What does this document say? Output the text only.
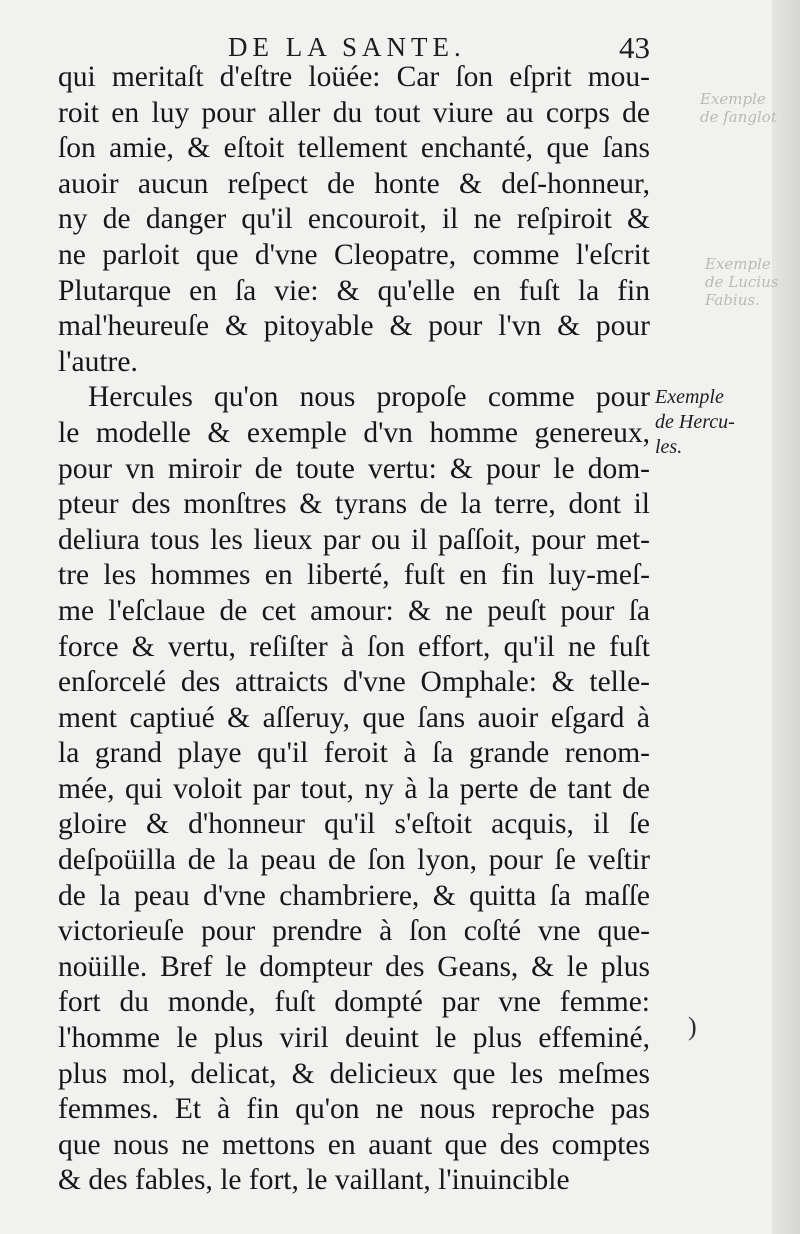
Exemple
de ſanglot
Exemple
de Lucius
Fabius.
DE LA SANTE.	43
qui meritaſt d'eſtre loüée: Car ſon eſprit mou-
roit en luy pour aller du tout viure au corps de
ſon amie, & eſtoit tellement enchanté, que ſans
auoir aucun reſpect de honte & deſ-honneur,
ny de danger qu'il encouroit, il ne reſpiroit &
ne parloit que d'vne Cleopatre, comme l'eſcrit
Plutarque en ſa vie: & qu'elle en fuſt la fin
mal'heureuſe & pitoyable & pour l'vn & pour
l'autre.
Hercules qu'on nous propoſe comme pour
le modelle & exemple d'vn homme genereux,
pour vn miroir de toute vertu: & pour le dom-
pteur des monſtres & tyrans de la terre, dont il
deliura tous les lieux par ou il paſſoit, pour met-
tre les hommes en liberté, fuſt en fin luy-meſ-
me l'eſclaue de cet amour: & ne peuſt pour ſa
force & vertu, reſiſter à ſon effort, qu'il ne fuſt
enſorcelé des attraicts d'vne Omphale: & telle-
ment captiué & aſſeruy, que ſans auoir eſgard à
la grand playe qu'il feroit à ſa grande renom-
mée, qui voloit par tout, ny à la perte de tant de
gloire & d'honneur qu'il s'eſtoit acquis, il ſe
deſpoüilla de la peau de ſon lyon, pour ſe veſtir
de la peau d'vne chambriere, & quitta ſa maſſe
victorieuſe pour prendre à ſon coſté vne que-
noüille. Bref le dompteur des Geans, & le plus
fort du monde, fuſt dompté par vne femme:
l'homme le plus viril deuint le plus effeminé,
plus mol, delicat, & delicieux que les meſmes
femmes. Et à fin qu'on ne nous reproche pas
que nous ne mettons en auant que des comptes
& des fables, le fort, le vaillant, l'inuincible
Exemple
de Hercu-
les.
)
